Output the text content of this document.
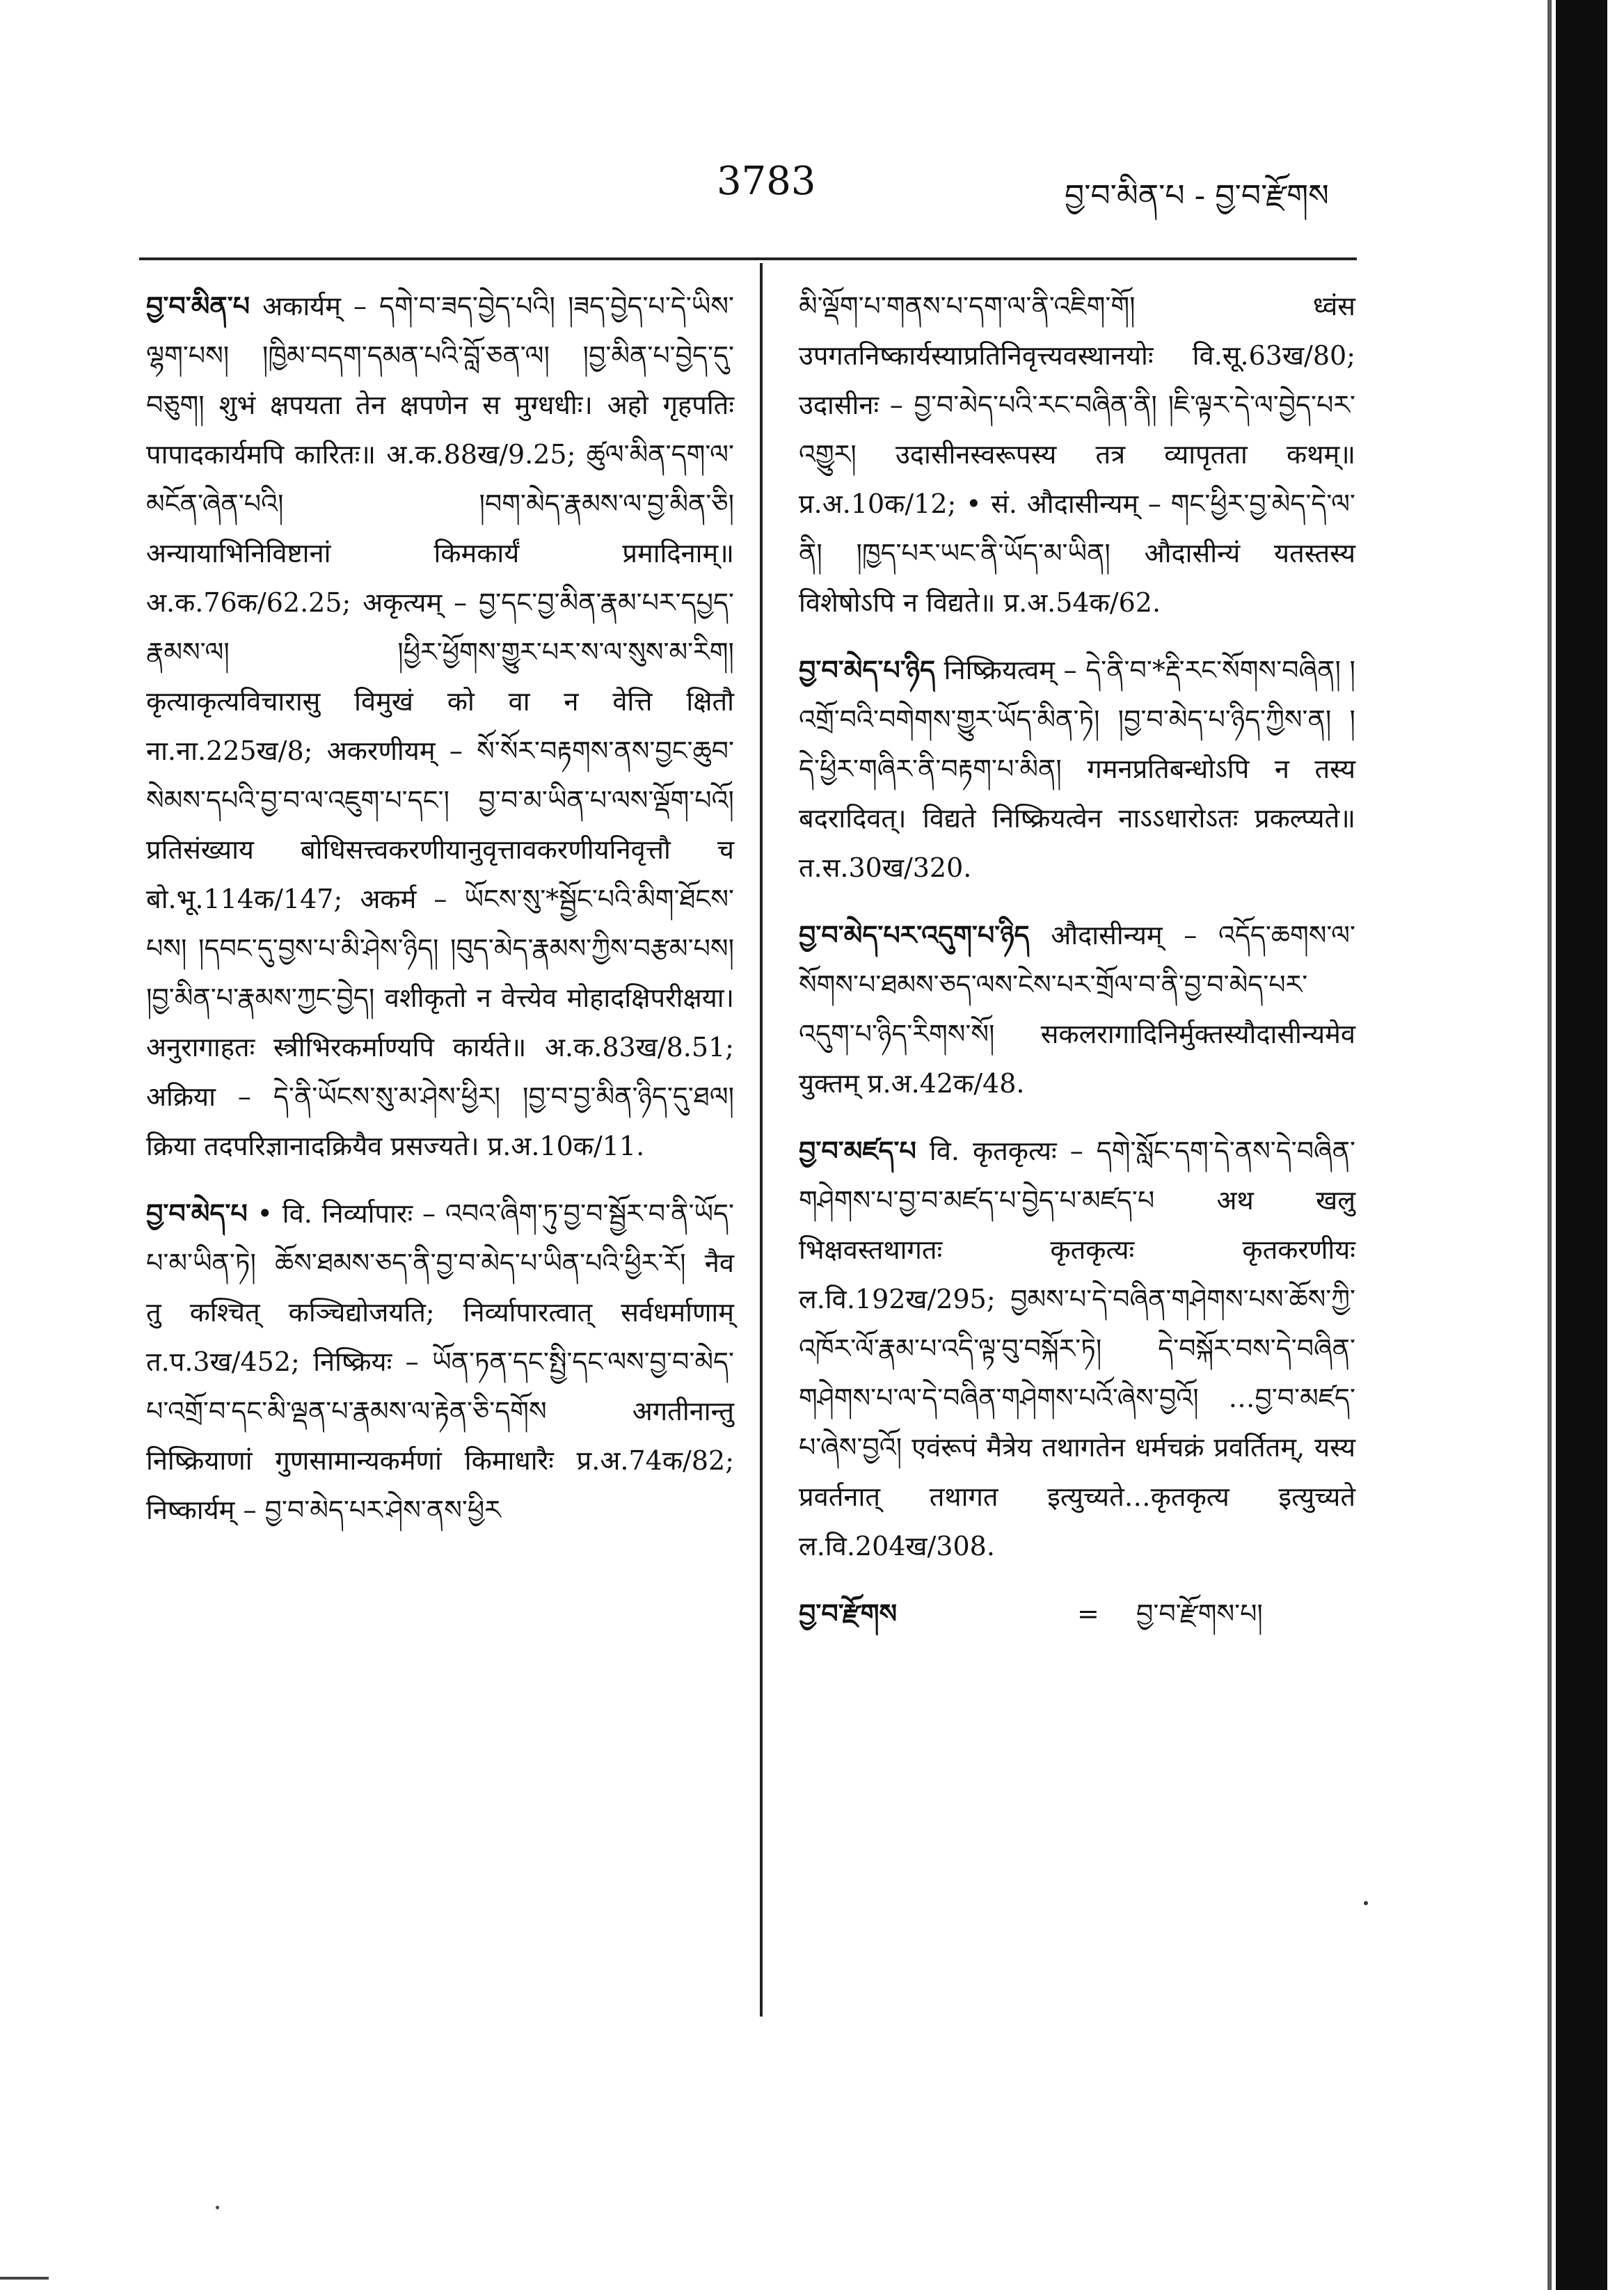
3783	བྱ་བ་མིན་པ - བྱ་བ་རྫོགས

བྱ་བ་མིན་པ अकार्यम् – དགེ་བ་ཟད་བྱེད་པའི། །ཟད་བྱེད་པ་དེ་ཡིས་ལྷག་པས། །ཁྱིམ་བདག་དམན་པའི་བློ་ཅན་ལ། །བྱ་མིན་པ་བྱེད་དུ་བཅུག། शुभं क्षपयता तेन क्षपणेन स मुग्धधीः। अहो गृहपतिः पापादकार्यमपि कारितः॥ अ.क.88ख/9.25; ཚུལ་མིན་དག་ལ་མངོན་ཞེན་པའི། །བག་མེད་རྣམས་ལ་བྱ་མིན་ཅི། अन्यायाभिनिविष्टानां किमकार्यं प्रमादिनाम्॥ अ.क.76क/62.25; अकृत्यम् – བྱ་དང་བྱ་མིན་རྣམ་པར་དཔྱད་རྣམས་ལ། །ཕྱིར་ཕྱོགས་གྱུར་པར་ས་ལ་སུས་མ་རིག། कृत्याकृत्यविचारासु विमुखं को वा न वेत्ति क्षितौ ना.ना.225ख/8; अकरणीयम् – སོ་སོར་བརྟགས་ནས་བྱང་ཆུབ་སེམས་དཔའི་བྱ་བ་ལ་འཇུག་པ་དང་། བྱ་བ་མ་ཡིན་པ་ལས་ལྡོག་པའོ། प्रतिसंख्याय बोधिसत्त्वकरणीयानुवृत्तावकरणीयनिवृत्तौ च बो.भू.114क/147; अकर्म – ཡོངས་སུ་*སྦྱོང་པའི་མིག་ཐོངས་པས། །དབང་དུ་བྱས་པ་མི་ཤེས་ཉིད། །བུད་མེད་རྣམས་ཀྱིས་བརྩམ་པས། །བྱ་མིན་པ་རྣམས་ཀྱང་བྱེད། वशीकृतो न वेत्त्येव मोहादक्षिपरीक्षया। अनुरागाहतः स्त्रीभिरकर्माण्यपि कार्यते॥ अ.क.83ख/8.51; अक्रिया – དེ་ནི་ཡོངས་སུ་མ་ཤེས་ཕྱིར། །བྱ་བ་བྱ་མིན་ཉིད་དུ་ཐལ། क्रिया तदपरिज्ञानादक्रियैव प्रसज्यते। प्र.अ.10क/11.

བྱ་བ་མེད་པ • वि. निर्व्यापारः – འབའ་ཞིག་ཏུ་བྱ་བ་སྦྱོར་བ་ནི་ཡོད་པ་མ་ཡིན་ཏེ། ཆོས་ཐམས་ཅད་ནི་བྱ་བ་མེད་པ་ཡིན་པའི་ཕྱིར་རོ། नैव तु कश्चित् कञ्चिद्योजयति; निर्व्यापारत्वात् सर्वधर्माणाम् त.प.3ख/452; निष्क्रियः – ཡོན་ཏན་དང་སྤྱི་དང་ལས་བྱ་བ་མེད་པ་འགྲོ་བ་དང་མི་ལྡན་པ་རྣམས་ལ་རྟེན་ཅི་དགོས अगतीनान्तु निष्क्रियाणां गुणसामान्यकर्मणां किमाधारैः प्र.अ.74क/82; निष्कार्यम् – བྱ་བ་མེད་པར་ཤེས་ནས་ཕྱིར

མི་ལྡོག་པ་གནས་པ་དག་ལ་ནི་འཇིག་གོ། ध्वंस उपगतनिष्कार्यस्याप्रतिनिवृत्त्यवस्थानयोः वि.सू.63ख/80; उदासीनः – བྱ་བ་མེད་པའི་རང་བཞིན་ནི། །ཇི་ལྟར་དེ་ལ་བྱེད་པར་འགྱུར། उदासीनस्वरूपस्य तत्र व्यापृतता कथम्॥ प्र.अ.10क/12; • सं. औदासीन्यम् – གང་ཕྱིར་བྱ་མེད་དེ་ལ་ནི། །ཁྱད་པར་ཡང་ནི་ཡོད་མ་ཡིན། औदासीन्यं यतस्तस्य विशेषोऽपि न विद्यते॥ प्र.अ.54क/62.

བྱ་བ་མེད་པ་ཉིད निष्क्रियत्वम् – དེ་ནི་བ་*རྡི་རང་སོགས་བཞིན། །འགྲོ་བའི་བགེགས་གྱུར་ཡོད་མིན་ཏེ། །བྱ་བ་མེད་པ་ཉིད་ཀྱིས་ན། །དེ་ཕྱིར་གཞིར་ནི་བརྟག་པ་མིན། गमनप्रतिबन्धोऽपि न तस्य बदरादिवत्। विद्यते निष्क्रियत्वेन नाऽऽधारोऽतः प्रकल्प्यते॥ त.स.30ख/320.

བྱ་བ་མེད་པར་འདུག་པ་ཉིད औदासीन्यम् – འདོད་ཆགས་ལ་སོགས་པ་ཐམས་ཅད་ལས་ངེས་པར་གྲོལ་བ་ནི་བྱ་བ་མེད་པར་འདུག་པ་ཉིད་རིགས་སོ། सकलरागादिनिर्मुक्तस्यौदासीन्यमेव युक्तम् प्र.अ.42क/48.

བྱ་བ་མཛད་པ वि. कृतकृत्यः – དགེ་སློང་དག་དེ་ནས་དེ་བཞིན་གཤེགས་པ་བྱ་བ་མཛད་པ་བྱེད་པ་མཛད་པ अथ खलु भिक्षवस्तथागतः कृतकृत्यः कृतकरणीयः ल.वि.192ख/295; བྱམས་པ་དེ་བཞིན་གཤེགས་པས་ཆོས་ཀྱི་འཁོར་ལོ་རྣམ་པ་འདི་ལྟ་བུ་བསྐོར་ཏེ། དེ་བསྐོར་བས་དེ་བཞིན་གཤེགས་པ་ལ་དེ་བཞིན་གཤེགས་པའོ་ཞེས་བྱའོ། …བྱ་བ་མཛད་པ་ཞེས་བྱའོ། एवंरूपं मैत्रेय तथागतेन धर्मचक्रं प्रवर्तितम्, यस्य प्रवर्तनात् तथागत इत्युच्यते…कृतकृत्य इत्युच्यते ल.वि.204ख/308.

བྱ་བ་རྫོགས	= བྱ་བ་རྫོགས་པ།
